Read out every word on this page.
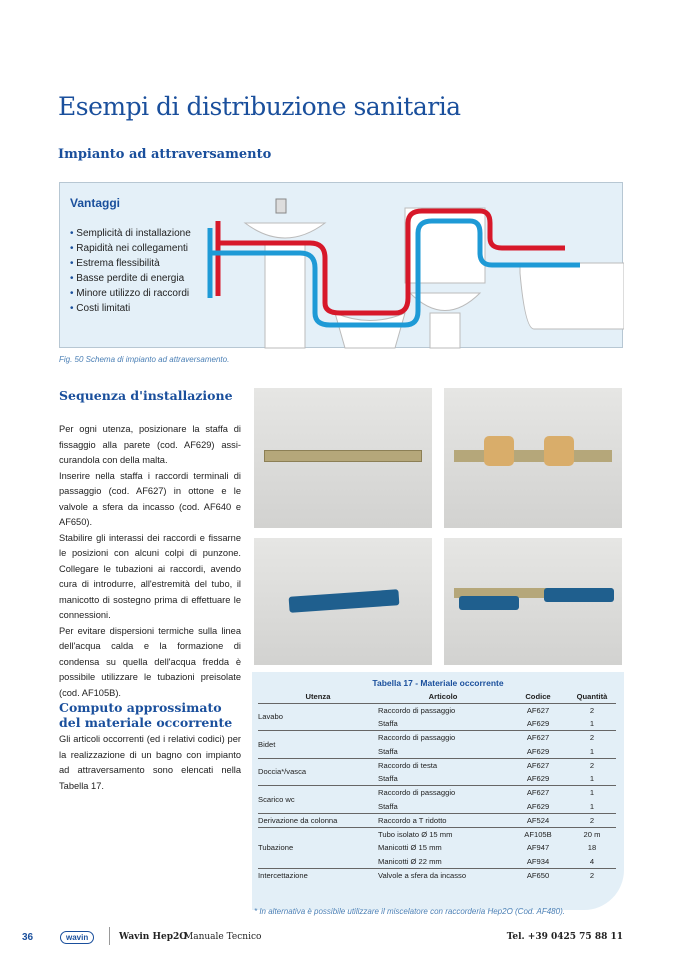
Esempi di distribuzione sanitaria
Impianto ad attraversamento
Vantaggi
• Semplicità di installazione
• Rapidità nei collegamenti
• Estrema flessibilità
• Basse perdite di energia
• Minore utilizzo di raccordi
• Costi limitati
Fig. 50 Schema di impianto ad attraversamento.
Sequenza d'installazione

Per ogni utenza, posizionare la staffa di fissaggio alla parete (cod. AF629) assi-curandola con della malta.

Inserire nella staffa i raccordi terminali di passaggio (cod. AF627) in ottone e le valvole a sfera da incasso (cod. AF640 e AF650).

Stabilire gli interassi dei raccordi e fissarne le posizioni con alcuni colpi di punzone. Collegare le tubazioni ai raccordi, avendo cura di introdurre, all'estremità del tubo, il manicotto di sostegno prima di effettuare le connessioni.

Per evitare dispersioni termiche sulla linea dell'acqua calda e la formazione di condensa su quella dell'acqua fredda è possibile utilizzare le tubazioni preisolate (cod. AF105B).

Computo approssimato del materiale occorrente
Gli articoli occorrenti (ed i relativi codici) per la realizzazione di un bagno con impianto ad attraversamento sono elencati nella Tabella 17.
Tabella 17 - Materiale occorrente
Utenza	Articolo	Codice	Quantità
Lavabo	Raccordo di passaggio	AF627	2
	Staffa	AF629	1
Bidet	Raccordo di passaggio	AF627	2
	Staffa	AF629	1
Doccia*/vasca	Raccordo di testa	AF627	2
	Staffa	AF629	1
Scarico wc	Raccordo di passaggio	AF627	1
	Staffa	AF629	1
Derivazione da colonna	Raccordo a T ridotto	AF524	2
Tubazione	Tubo isolato Ø 15 mm	AF105B	20 m
	Manicotti Ø 15 mm	AF947	18
	Manicotti Ø 22 mm	AF934	4
Intercettazione	Valvole a sfera da incasso	AF650	2
* In alternativa è possibile utilizzare il miscelatore con raccorderia Hep2O (Cod. AF480).
36	wavin	Wavin Hep2O
Manuale Tecnico	Tel. +39 0425 75 88 11
